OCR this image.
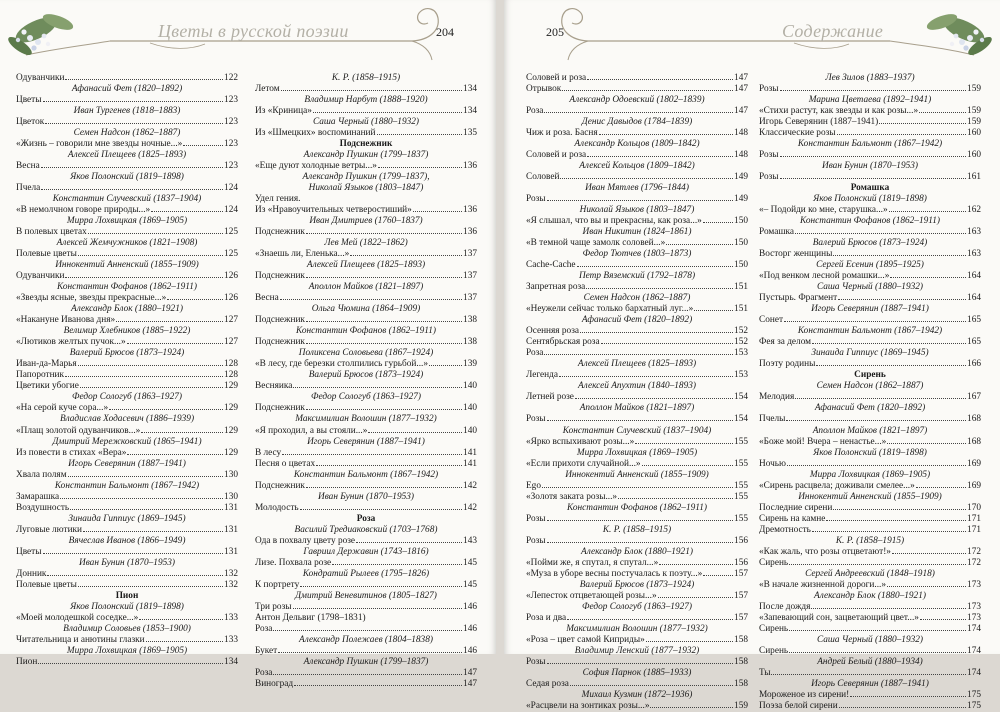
Цветы в русской поэзии	204
Одуванчики	122
Афанасий Фет (1820–1892)
Цветы	123
Иван Тургенев (1818–1883)
Цветок	123
Семен Надсон (1862–1887)
«Жизнь – говорили мне звезды ночные...»	123
Алексей Плещеев (1825–1893)
Весна	123
Яков Полонский (1819–1898)
Пчела	124
Константин Случевский (1837–1904)
«В немолчном говоре природы...»	124
Мирра Лохвицкая (1869–1905)
В полевых цветах	125
Алексей Жемчужников (1821–1908)
Полевые цветы	125
Иннокентий Анненский (1855–1909)
Одуванчики	126
Константин Фофанов (1862–1911)
«Звезды ясные, звезды прекрасные...»	126
Александр Блок (1880–1921)
«Накануне Иванова дня»	127
Велимир Хлебников (1885–1922)
«Лютиков желтых пучок...»	127
Валерий Брюсов (1873–1924)
Иван-да-Марья	128
Папоротник	128
Цветики убогие	129
Федор Сологуб (1863–1927)
«На серой кучe сора...»	129
Владислав Ходасевич (1886–1939)
«Плащ золотой одуванчиков...»	129
Дмитрий Мережковский (1865–1941)
Из повести в стихах «Вера»	129
Игорь Северянин (1887–1941)
Хвала полям	130
Константин Бальмонт (1867–1942)
Замарашка	130
Воздушность	131
Зинаида Гиппиус (1869–1945)
Луговые лютики	131
Вячеслав Иванов (1866–1949)
Цветы	131
Иван Бунин (1870–1953)
Донник	132
Полевые цветы	132
Пион
Яков Полонский (1819–1898)
«Моей молодешкой соседке...»	133
Владимир Соловьев (1853–1900)
Читательница и анютины глазки	133
Мирра Лохвицкая (1869–1905)
Пион	134
К. Р. (1858–1915)
Летом	134
Владимир Нарбут (1888–1920)
Из «Криница»	134
Саша Черный (1880–1932)
Из «Шмецких» воспоминаний	135
Подснежник
Александр Пушкин (1799–1837)
«Еще дуют холодные ветры...»	136
Александр Пушкин (1799–1837),
Николай Языков (1803–1847)
Удел гения.
Из «Нравоучительных четверостиший»	136
Иван Дмитриев (1760–1837)
Подснежник	136
Лев Мей (1822–1862)
«Знаешь ли, Еленька...»	137
Алексей Плещеев (1825–1893)
Подснежник	137
Аполлон Майков (1821–1897)
Весна	137
Ольга Чюмина (1864–1909)
Подснежник	138
Константин Фофанов (1862–1911)
Подснежник	138
Поликсена Соловьева (1867–1924)
«В лесу, где березки столпились гурьбой...»	139
Валерий Брюсов (1873–1924)
Весняика	140
Федор Сологуб (1863–1927)
Подснежник	140
Максимилиан Волошин (1877–1932)
«Я проходил, а вы стояли...»	140
Игорь Северянин (1887–1941)
В лесу	141
Песня о цветах	141
Константин Бальмонт (1867–1942)
Подснежник	142
Иван Бунин (1870–1953)
Молодость	142
Роза
Василий Тредиаковский (1703–1768)
Ода в похвалу цвету розе	143
Гавриил Державин (1743–1816)
Лизе. Похвала розе	145
Кондратий Рылеев (1795–1826)
К портрету	145
Дмитрий Веневитинов (1805–1827)
Три розы	146
Антон Дельвиг (1798–1831)
Роза	146
Александр Полежаев (1804–1838)
Букет	146
Александр Пушкин (1799–1837)
Роза	147
Виноград	147
205	Содержание
Соловей и роза	147
Отрывок	147
Александр Одоевский (1802–1839)
Роза	147
Денис Давыдов (1784–1839)
Чиж и роза. Басня	148
Александр Кольцов (1809–1842)
Соловей и роза	148
Алексей Кольцов (1809–1842)
Соловей	149
Иван Мятлев (1796–1844)
Розы	149
Николай Языков (1803–1847)
«Я слышал, что вы и прекрасны, как роза...»	150
Иван Никитин (1824–1861)
«В темной чаще замолк соловей...»	150
Федор Тютчев (1803–1873)
Cache-Cache	150
Петр Вяземский (1792–1878)
Запретная роза	151
Семен Надсон (1862–1887)
«Неужели сейчас только бархатный луг...»	151
Афанасий Фет (1820–1892)
Осенняя роза	152
Сентябрьская роза	152
Роза	153
Алексей Плещеев (1825–1893)
Легенда	153
Алексей Апухтин (1840–1893)
Летней розе	154
Аполлон Майков (1821–1897)
Розы	154
Константин Случевский (1837–1904)
«Ярко вспыхивают розы...»	155
Мирра Лохвицкая (1869–1905)
«Если прихоти случайной...»	155
Иннокентий Анненский (1855–1909)
Ego	155
«Золотя заката розы...»	155
Константин Фофанов (1862–1911)
Розы	155
К. Р. (1858–1915)
Розы	156
Александр Блок (1880–1921)
«Пойми же, я спутал, я спутал...»	156
«Муза в уборе весны постучалась к поэту...»	157
Валерий Брюсов (1873–1924)
«Лепесток отцветающей розы...»	157
Федор Сологуб (1863–1927)
Роза и два	157
Максимилиан Волошин (1877–1932)
«Роза – цвет самой Киприды»	158
Владимир Ленский (1877–1932)
Розы	158
София Парнок (1885–1933)
Седая роза	158
Михаил Кузмин (1872–1936)
«Расцвели на зонтиках розы...»	159
Лев Зилов (1883–1937)
Розы	159
Марина Цветаева (1892–1941)
«Стихи растут, как звезды и как розы...»	159
Игорь Северянин (1887–1941)	159
Классические розы	160
Константин Бальмонт (1867–1942)
Розы	160
Иван Бунин (1870–1953)
Розы	161
Ромашка
Яков Полонский (1819–1898)
«– Подойди ко мне, старушка...»	162
Константин Фофанов (1862–1911)
Ромашка	163
Валерий Брюсов (1873–1924)
Восторг женщины	163
Сергей Есенин (1895–1925)
«Под венком лесной ромашки...»	164
Саша Черный (1880–1932)
Пустырь. Фрагмент	164
Игорь Северянин (1887–1941)
Сонет	165
Константин Бальмонт (1867–1942)
Фея за делом	165
Зинаида Гиппиус (1869–1945)
Поэту родины	166
Сирень
Семен Надсон (1862–1887)
Мелодия	167
Афанасий Фет (1820–1892)
Пчелы	168
Аполлон Майков (1821–1897)
«Боже мой! Вчера – ненастье...»	168
Яков Полонский (1819–1898)
Ночью	169
Мирра Лохвицкая (1869–1905)
«Сирень расцвела; доживали смелее...»	169
Иннокентий Анненский (1855–1909)
Последние сирени	170
Сирень на камне	171
Дремотность	171
К. Р. (1858–1915)
«Как жаль, что розы отцветают!»	172
Сирень	172
Сергей Андреевский (1848–1918)
«В начале жизненной дороги...»	173
Александр Блок (1880–1921)
После дождя	173
«Запевающий сон, зацветающий цвет...»	173
Сирень	174
Саша Черный (1880–1932)
Сирень	174
Андрей Белый (1880–1934)
Ты	174
Игорь Северянин (1887–1941)
Мороженое из сирени!	175
Поэза белой сирени	175
